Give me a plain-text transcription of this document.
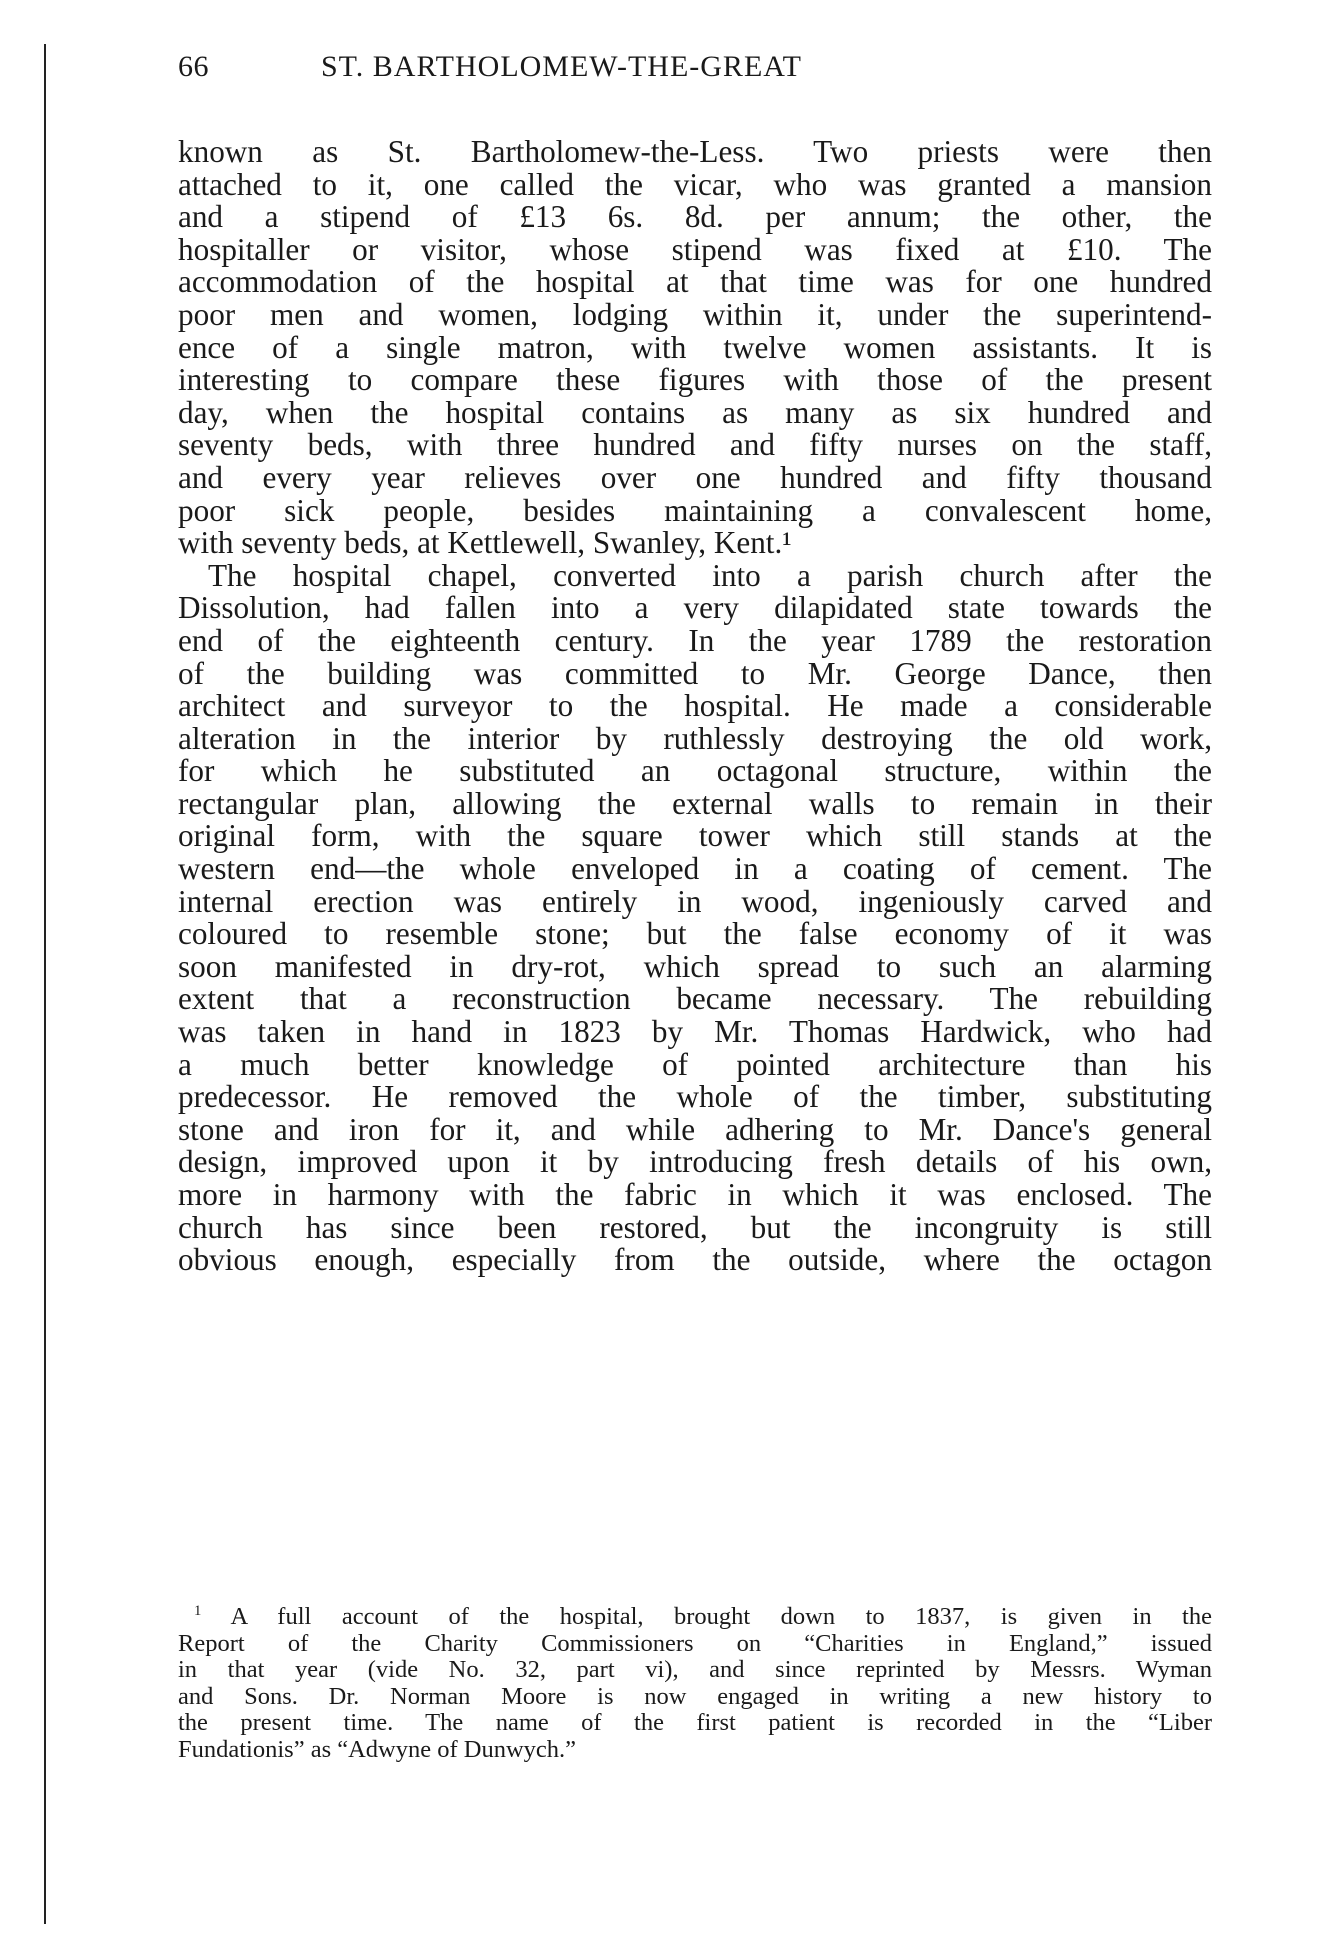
66	ST. BARTHOLOMEW-THE-GREAT
known as St. Bartholomew-the-Less. Two priests were then
attached to it, one called the vicar, who was granted a mansion
and a stipend of £13 6s. 8d. per annum; the other, the
hospitaller or visitor, whose stipend was fixed at £10. The
accommodation of the hospital at that time was for one hundred
poor men and women, lodging within it, under the superintend-
ence of a single matron, with twelve women assistants. It is
interesting to compare these figures with those of the present
day, when the hospital contains as many as six hundred and
seventy beds, with three hundred and fifty nurses on the staff,
and every year relieves over one hundred and fifty thousand
poor sick people, besides maintaining a convalescent home,
with seventy beds, at Kettlewell, Swanley, Kent.¹
The hospital chapel, converted into a parish church after the
Dissolution, had fallen into a very dilapidated state towards the
end of the eighteenth century. In the year 1789 the restoration
of the building was committed to Mr. George Dance, then
architect and surveyor to the hospital. He made a considerable
alteration in the interior by ruthlessly destroying the old work,
for which he substituted an octagonal structure, within the
rectangular plan, allowing the external walls to remain in their
original form, with the square tower which still stands at the
western end—the whole enveloped in a coating of cement. The
internal erection was entirely in wood, ingeniously carved and
coloured to resemble stone; but the false economy of it was
soon manifested in dry-rot, which spread to such an alarming
extent that a reconstruction became necessary. The rebuilding
was taken in hand in 1823 by Mr. Thomas Hardwick, who had
a much better knowledge of pointed architecture than his
predecessor. He removed the whole of the timber, substituting
stone and iron for it, and while adhering to Mr. Dance's general
design, improved upon it by introducing fresh details of his own,
more in harmony with the fabric in which it was enclosed. The
church has since been restored, but the incongruity is still
obvious enough, especially from the outside, where the octagon
$^1$ A full account of the hospital, brought down to 1837, is given in the
Report of the Charity Commissioners on “Charities in England,” issued
in that year (vide No. 32, part vi), and since reprinted by Messrs. Wyman
and Sons. Dr. Norman Moore is now engaged in writing a new history to
the present time. The name of the first patient is recorded in the “Liber
Fundationis” as “Adwyne of Dunwych.”
